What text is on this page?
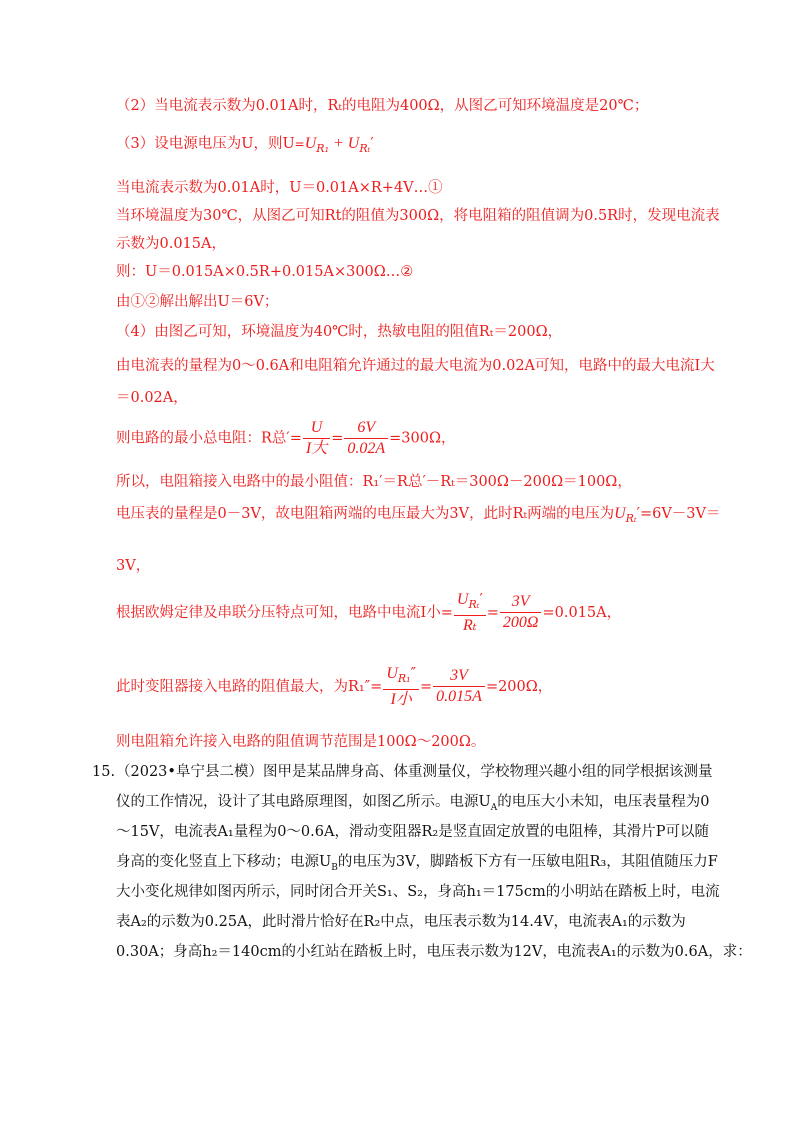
（2）当电流表示数为0.01A时，Rₜ的电阻为400Ω，从图乙可知环境温度是20℃；
（3）设电源电压为U，则$U=U_{R_1} + U_{R_t}'$
当电流表示数为0.01A时，U＝0.01A×R+4V…①
当环境温度为30℃，从图乙可知Rt的阻值为300Ω，将电阻箱的阻值调为0.5R时，发现电流表
示数为0.015A，
则：U＝0.015A×0.5R+0.015A×300Ω…②
由①②解出解出U＝6V；
（4）由图乙可知，环境温度为40℃时，热敏电阻的阻值Rₜ＝200Ω，
由电流表的量程为0～0.6A和电阻箱允许通过的最大电流为0.02A可知，电路中的最大电流I大
＝0.02A，
则电路的最小总电阻：R总′= $\frac{U}{\text{I大}} = \frac{6V}{0.02A} =300\Omega$，
所以，电阻箱接入电路中的最小阻值：R₁′＝R总′－Rₜ＝300Ω－200Ω＝100Ω，
电压表的量程是0－3V，故电阻箱两端的电压最大为3V，此时Rₜ两端的电压为$U_{R_t}'=6V-3V=$
3V，
根据欧姆定律及串联分压特点可知，电路中电流I小= $\frac{U_{R_t}'}{\text{Rₜ}} = \frac{3V}{200\Omega} =0.015A$，
此时变阻器接入电路的阻值最大，为$R_1''= \frac{U_{R_1}''}{\text{I小}} = \frac{3V}{0.015A} =200\Omega$，
则电阻箱允许接入电路的阻值调节范围是100Ω～200Ω。
15. （2023•阜宁县二模）图甲是某品牌身高、体重测量仪，学校物理兴趣小组的同学根据该测量
仪的工作情况，设计了其电路原理图，如图乙所示。电源$U_A$的电压大小未知，电压表量程为0
～15V，电流表A₁量程为0～0.6A，滑动变阻器R₂是竖直固定放置的电阻棒，其滑片P可以随
身高的变化竖直上下移动；电源$U_B$的电压为3V，脚踏板下方有一压敏电阻R₃，其阻值随压力F
大小变化规律如图丙所示，同时闭合开关S₁、S₂，身高h₁＝175cm的小明站在踏板上时，电流
表A₂的示数为0.25A，此时滑片恰好在R₂中点，电压表示数为14.4V，电流表A₁的示数为
0.30A；身高h₂＝140cm的小红站在踏板上时，电压表示数为12V，电流表A₁的示数为0.6A，求：
